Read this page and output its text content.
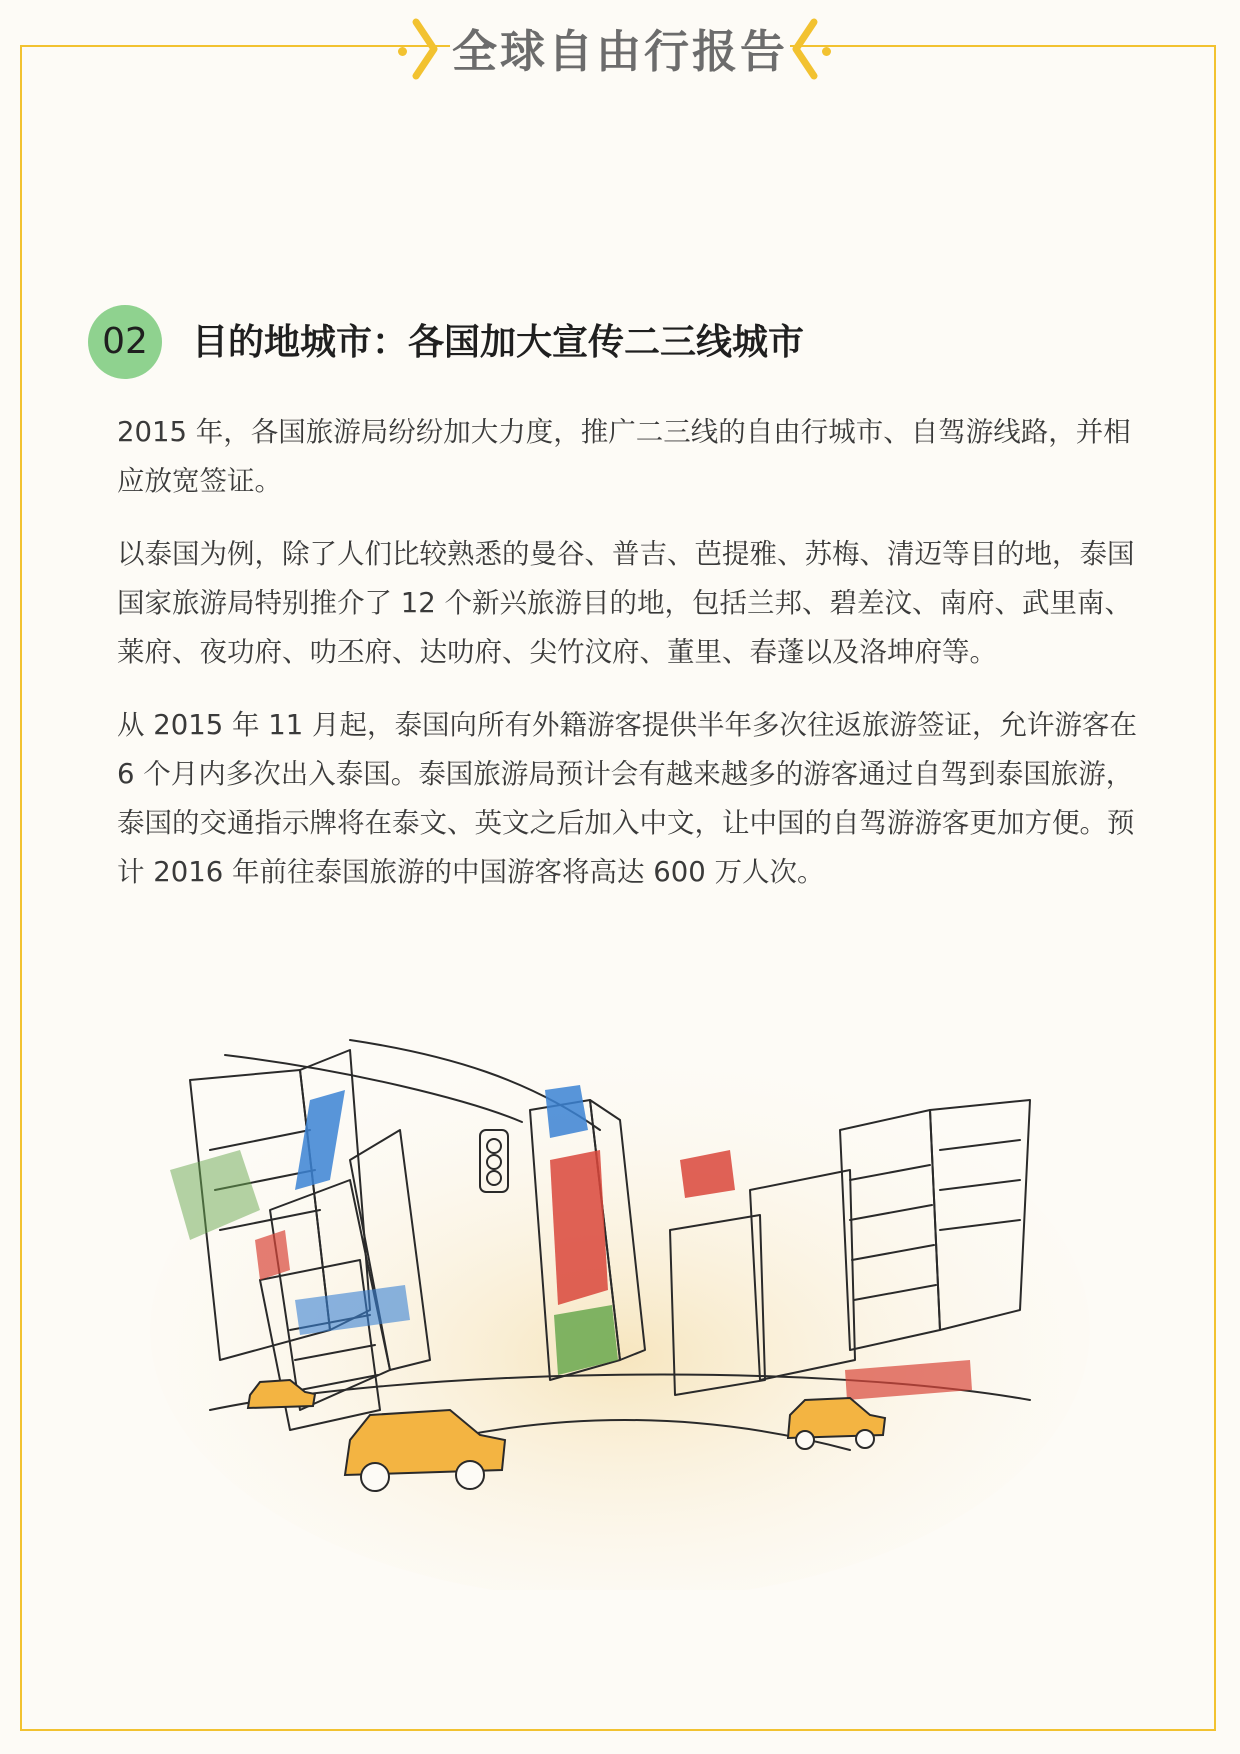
全球自由行报告
02	目的地城市：各国加大宣传二三线城市

2015 年，各国旅游局纷纷加大力度，推广二三线的自由行城市、自驾游线路，并相应放宽签证。

以泰国为例，除了人们比较熟悉的曼谷、普吉、芭提雅、苏梅、清迈等目的地，泰国国家旅游局特别推介了 12 个新兴旅游目的地，包括兰邦、碧差汶、南府、武里南、莱府、夜功府、叻丕府、达叻府、尖竹汶府、董里、春蓬以及洛坤府等。

从 2015 年 11 月起，泰国向所有外籍游客提供半年多次往返旅游签证，允许游客在 6 个月内多次出入泰国。泰国旅游局预计会有越来越多的游客通过自驾到泰国旅游，泰国的交通指示牌将在泰文、英文之后加入中文，让中国的自驾游游客更加方便。预计 2016 年前往泰国旅游的中国游客将高达 600 万人次。
